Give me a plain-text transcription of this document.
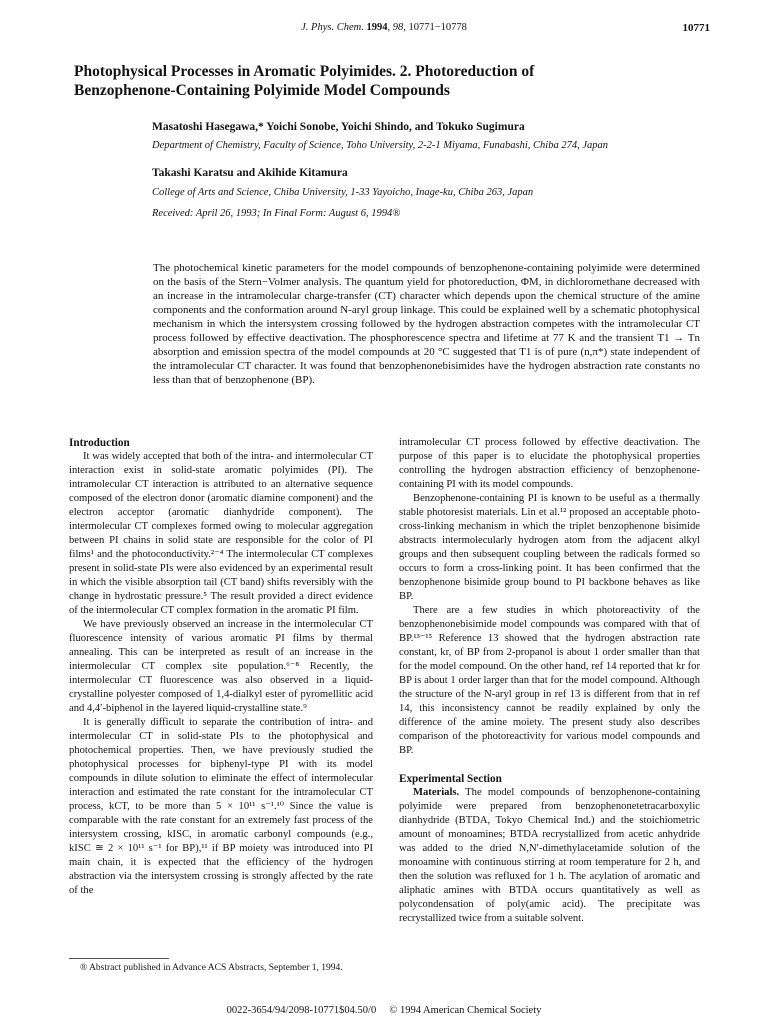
J. Phys. Chem. 1994, 98, 10771−10778	10771
Photophysical Processes in Aromatic Polyimides. 2. Photoreduction of
Benzophenone-Containing Polyimide Model Compounds
Masatoshi Hasegawa,* Yoichi Sonobe, Yoichi Shindo, and Tokuko Sugimura
Department of Chemistry, Faculty of Science, Toho University, 2-2-1 Miyama, Funabashi, Chiba 274, Japan
Takashi Karatsu and Akihide Kitamura
College of Arts and Science, Chiba University, 1-33 Yayoicho, Inage-ku, Chiba 263, Japan
Received: April 26, 1993; In Final Form: August 6, 1994®
The photochemical kinetic parameters for the model compounds of benzophenone-containing polyimide were determined on the basis of the Stern−Volmer analysis. The quantum yield for photoreduction, ΦM, in dichloromethane decreased with an increase in the intramolecular charge-transfer (CT) character which depends upon the chemical structure of the amine components and the conformation around N-aryl group linkage. This could be explained well by a schematic photophysical mechanism in which the intersystem crossing followed by the hydrogen abstraction competes with the intramolecular CT process followed by effective deactivation. The phosphorescence spectra and lifetime at 77 K and the transient T1 → Tn absorption and emission spectra of the model compounds at 20 °C suggested that T1 is of pure (n,π*) state independent of the intramolecular CT character. It was found that benzophenonebisimides have the hydrogen abstraction rate constants no less than that of benzophenone (BP).

Introduction

It was widely accepted that both of the intra- and intermolecular CT interaction exist in solid-state aromatic polyimides (PI). The intramolecular CT interaction is attributed to an alternative sequence composed of the electron donor (aromatic diamine component) and the electron acceptor (aromatic dianhydride component). The intermolecular CT complexes formed owing to molecular aggregation between PI chains in solid state are responsible for the color of PI films¹ and the photoconductivity.²⁻⁴ The intermolecular CT complexes present in solid-state PIs were also evidenced by an experimental result in which the visible absorption tail (CT band) shifts reversibly with the change in hydrostatic pressure.⁵ The result provided a direct evidence of the intermolecular CT complex formation in the aromatic PI film.

We have previously observed an increase in the intermolecular CT fluorescence intensity of various aromatic PI films by thermal annealing. This can be interpreted as result of an increase in the intermolecular CT complex site population.⁶⁻⁸ Recently, the intermolecular CT fluorescence was also observed in a liquid-crystalline polyester composed of 1,4-dialkyl ester of pyromellitic acid and 4,4′-biphenol in the layered liquid-crystalline state.⁹

It is generally difficult to separate the contribution of intra- and intermolecular CT in solid-state PIs to the photophysical and photochemical properties. Then, we have previously studied the photophysical processes for biphenyl-type PI with its model compounds in dilute solution to eliminate the effect of intermolecular interaction and estimated the rate constant for the intramolecular CT process, kCT, to be more than 5 × 10¹¹ s⁻¹.¹⁰ Since the value is comparable with the rate constant for an extremely fast process of the intersystem crossing, kISC, in aromatic carbonyl compounds (e.g., kISC ≅ 2 × 10¹¹ s⁻¹ for BP),¹¹ if BP moiety was introduced into PI main chain, it is expected that the efficiency of the hydrogen abstraction via the intersystem crossing is strongly affected by the rate of the

intramolecular CT process followed by effective deactivation. The purpose of this paper is to elucidate the photophysical properties controlling the hydrogen abstraction efficiency of benzophenone-containing PI with its model compounds.

Benzophenone-containing PI is known to be useful as a thermally stable photoresist materials. Lin et al.¹² proposed an acceptable photo-cross-linking mechanism in which the triplet benzophenone bisimide abstracts intermolecularly hydrogen atom from the adjacent alkyl groups and then subsequent coupling between the radicals formed so occurs to form a cross-linking point. It has been confirmed that the benzophenone bisimide group bound to PI backbone behaves as like BP.

There are a few studies in which photoreactivity of the benzophenonebisimide model compounds was compared with that of BP.¹³⁻¹⁵ Reference 13 showed that the hydrogen abstraction rate constant, kr, of BP from 2-propanol is about 1 order smaller than that for the model compound. On the other hand, ref 14 reported that kr for BP is about 1 order larger than that for the model compound. Although the structure of the N-aryl group in ref 13 is different from that in ref 14, this inconsistency cannot be readily explained by only the difference of the amine moiety. The present study also describes comparison of the photoreactivity for various model compounds and BP.

Experimental Section

Materials. The model compounds of benzophenone-containing polyimide were prepared from benzophenonetetracarboxylic dianhydride (BTDA, Tokyo Chemical Ind.) and the stoichiometric amount of monoamines; BTDA recrystallized from acetic anhydride was added to the dried N,N′-dimethylacetamide solution of the monoamine with continuous stirring at room temperature for 2 h, and then the solution was refluxed for 1 h. The acylation of aromatic and aliphatic amines with BTDA occurs quantitatively as well as polycondensation of poly(amic acid). The precipitate was recrystallized twice from a suitable solvent.

® Abstract published in Advance ACS Abstracts, September 1, 1994.
0022-3654/94/2098-10771$04.50/0 © 1994 American Chemical Society
